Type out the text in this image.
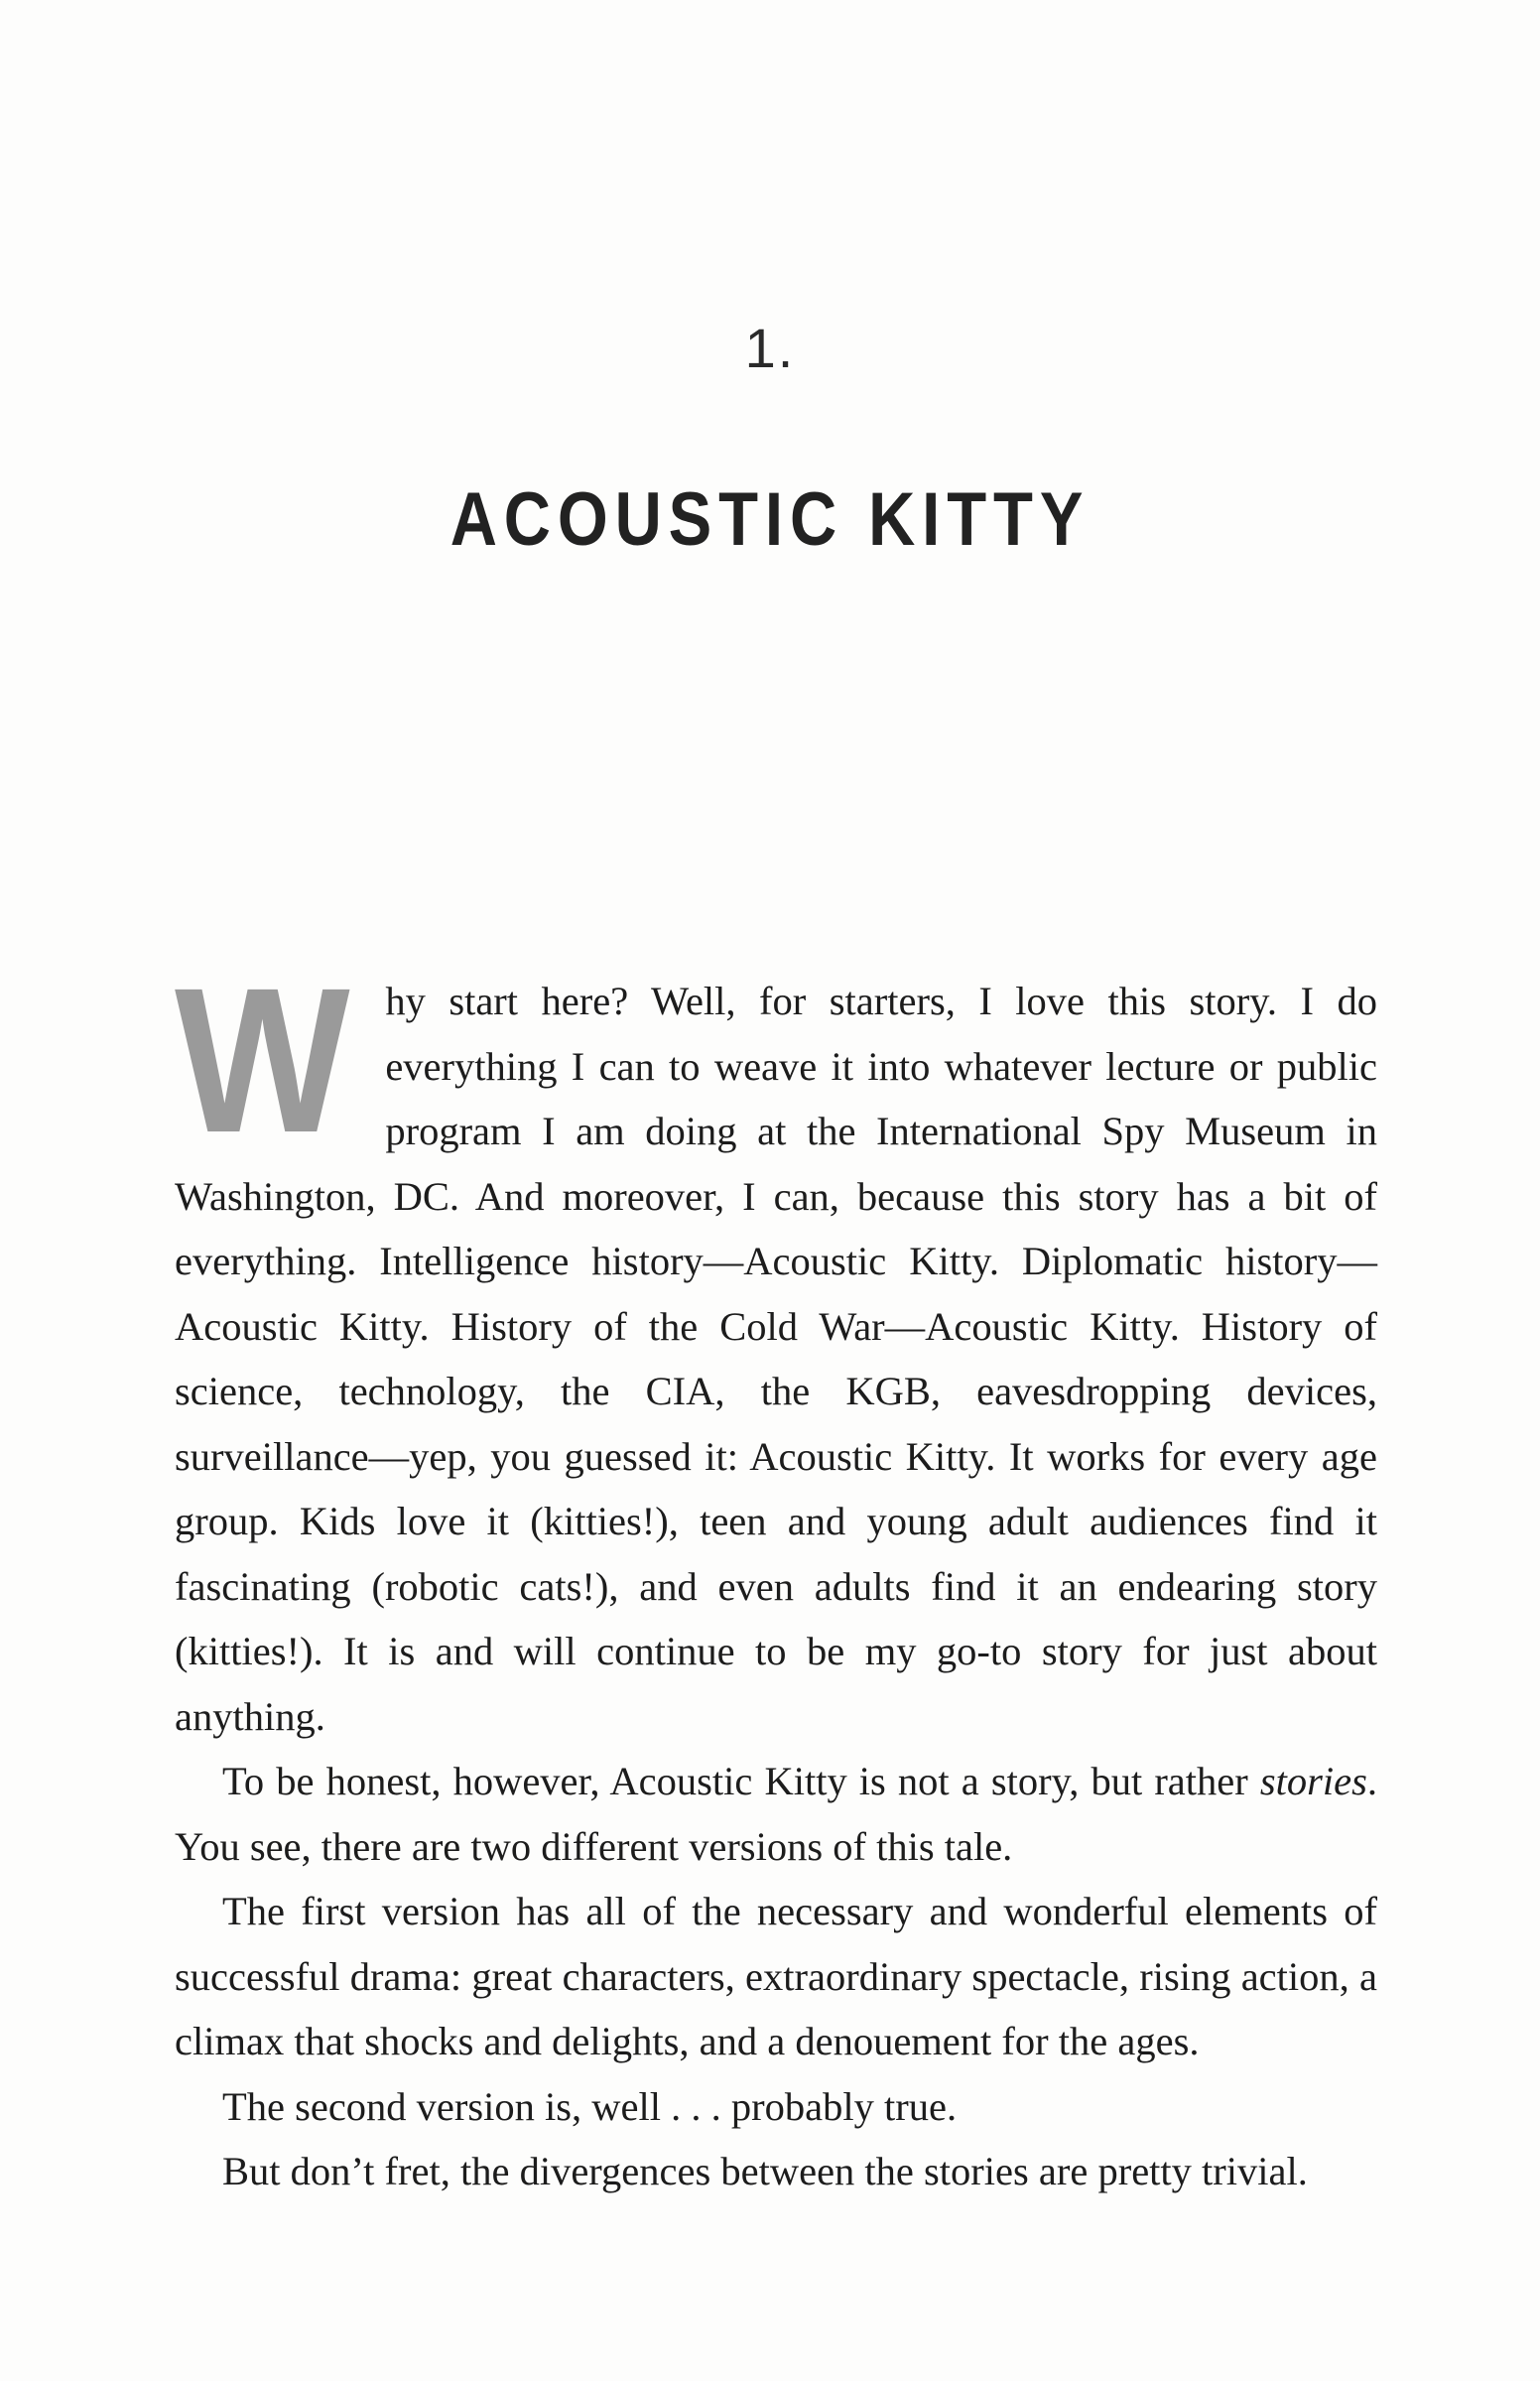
1.
ACOUSTIC KITTY

Why start here? Well, for starters, I love this story. I do everything I can to weave it into whatever lecture or public program I am doing at the International Spy Museum in Washington, DC. And moreover, I can, because this story has a bit of everything. Intelligence history—Acoustic Kitty. Diplomatic history—Acoustic Kitty. History of the Cold War—Acoustic Kitty. History of science, technology, the CIA, the KGB, eavesdropping devices, surveillance—yep, you guessed it: Acoustic Kitty. It works for every age group. Kids love it (kitties!), teen and young adult audiences find it fascinating (robotic cats!), and even adults find it an endearing story (kitties!). It is and will continue to be my go-to story for just about anything.

To be honest, however, Acoustic Kitty is not a story, but rather stories. You see, there are two different versions of this tale.

The first version has all of the necessary and wonderful elements of successful drama: great characters, extraordinary spectacle, rising action, a climax that shocks and delights, and a denouement for the ages.

The second version is, well . . . probably true.

But don’t fret, the divergences between the stories are pretty trivial.
